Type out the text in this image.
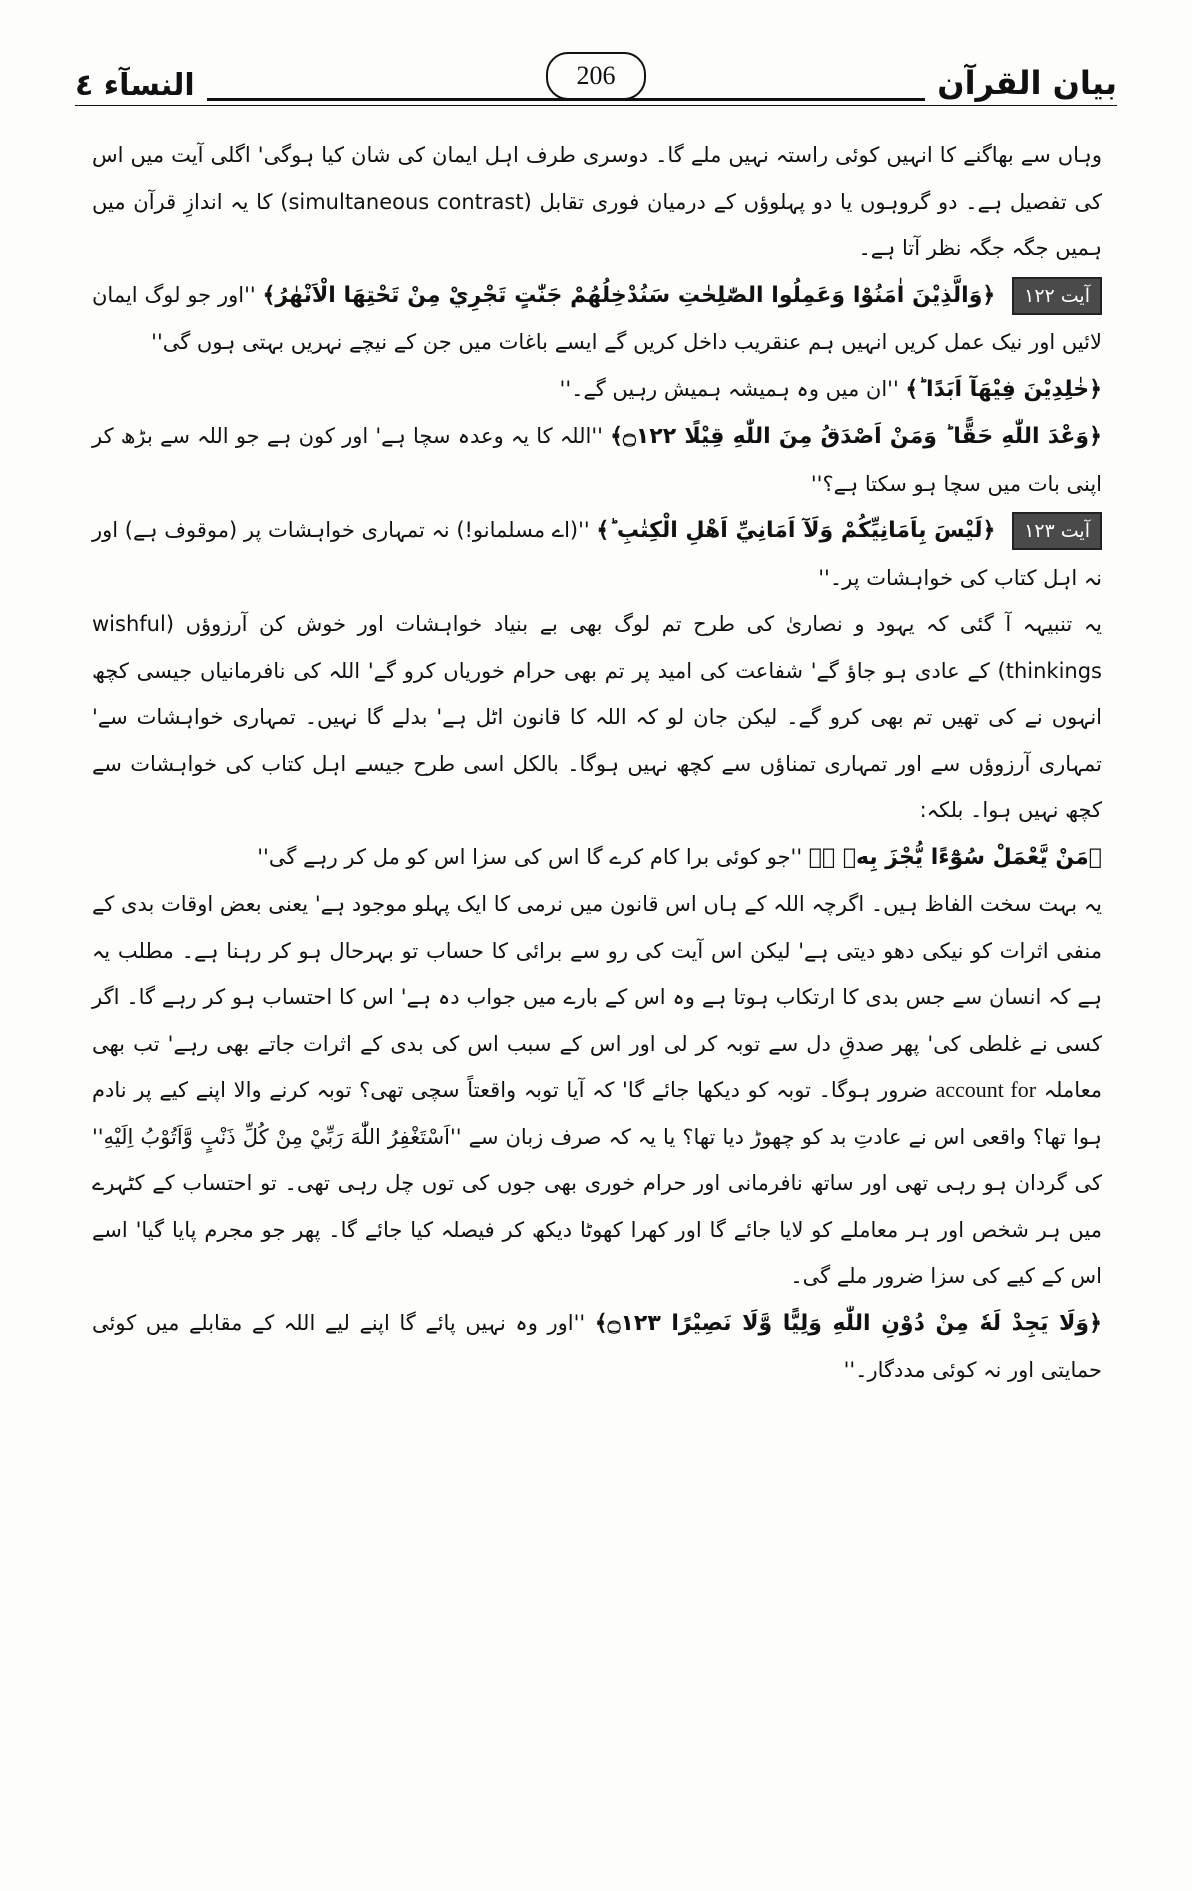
النسآء ٤	206	بیان القرآن

وہاں سے بھاگنے کا انہیں کوئی راستہ نہیں ملے گا۔ دوسری طرف اہل ایمان کی شان کیا ہوگی' اگلی آیت میں اس کی تفصیل ہے۔ دو گروہوں یا دو پہلوؤں کے درمیان فوری تقابل (simultaneous contrast) کا یہ اندازِ قرآن میں ہمیں جگہ جگہ نظر آتا ہے۔

آیت ۱۲۲ ﴿وَالَّذِيْنَ اٰمَنُوْا وَعَمِلُوا الصّٰلِحٰتِ سَنُدْخِلُهُمْ جَنّٰتٍ تَجْرِيْ مِنْ تَحْتِهَا الْاَنْهٰرُ﴾ ''اور جو لوگ ایمان لائیں اور نیک عمل کریں انہیں ہم عنقریب داخل کریں گے ایسے باغات میں جن کے نیچے نہریں بہتی ہوں گی''

﴿خٰلِدِيْنَ فِيْهَآ اَبَدًا ؕ﴾ ''ان میں وہ ہمیشہ ہمیش رہیں گے۔''

﴿وَعْدَ اللّٰهِ حَقًّا ؕ وَمَنْ اَصْدَقُ مِنَ اللّٰهِ قِيْلًا ۝۱۲۲﴾ ''اللہ کا یہ وعدہ سچا ہے' اور کون ہے جو اللہ سے بڑھ کر اپنی بات میں سچا ہو سکتا ہے؟''

آیت ۱۲۳ ﴿لَيْسَ بِاَمَانِيِّكُمْ وَلَآ اَمَانِيِّ اَهْلِ الْكِتٰبِ ؕ﴾ ''(اے مسلمانو!) نہ تمہاری خواہشات پر (موقوف ہے) اور نہ اہل کتاب کی خواہشات پر۔''

یہ تنبیہہ آ گئی کہ یہود و نصاریٰ کی طرح تم لوگ بھی بے بنیاد خواہشات اور خوش کن آرزوؤں (wishful thinkings) کے عادی ہو جاؤ گے' شفاعت کی امید پر تم بھی حرام خوریاں کرو گے' اللہ کی نافرمانیاں جیسی کچھ انہوں نے کی تھیں تم بھی کرو گے۔ لیکن جان لو کہ اللہ کا قانون اٹل ہے' بدلے گا نہیں۔ تمہاری خواہشات سے' تمہاری آرزوؤں سے اور تمہاری تمناؤں سے کچھ نہیں ہوگا۔ بالکل اسی طرح جیسے اہل کتاب کی خواہشات سے کچھ نہیں ہوا۔ بلکہ:

﴿مَنْ يَّعْمَلْ سُوْٓءًا يُّجْزَ بِهٖ ۙ﴾ ''جو کوئی برا کام کرے گا اس کی سزا اس کو مل کر رہے گی''

یہ بہت سخت الفاظ ہیں۔ اگرچہ اللہ کے ہاں اس قانون میں نرمی کا ایک پہلو موجود ہے' یعنی بعض اوقات بدی کے منفی اثرات کو نیکی دھو دیتی ہے' لیکن اس آیت کی رو سے برائی کا حساب تو بہرحال ہو کر رہنا ہے۔ مطلب یہ ہے کہ انسان سے جس بدی کا ارتکاب ہوتا ہے وہ اس کے بارے میں جواب دہ ہے' اس کا احتساب ہو کر رہے گا۔ اگر کسی نے غلطی کی' پھر صدقِ دل سے توبہ کر لی اور اس کے سبب اس کی بدی کے اثرات جاتے بھی رہے' تب بھی معاملہ account for ضرور ہوگا۔ توبہ کو دیکھا جائے گا' کہ آیا توبہ واقعتاً سچی تھی؟ توبہ کرنے والا اپنے کیے پر نادم ہوا تھا؟ واقعی اس نے عادتِ بد کو چھوڑ دیا تھا؟ یا یہ کہ صرف زبان سے ''اَسْتَغْفِرُ اللّٰهَ رَبِّيْ مِنْ كُلِّ ذَنْبٍ وَّاَتُوْبُ اِلَيْهِ'' کی گردان ہو رہی تھی اور ساتھ نافرمانی اور حرام خوری بھی جوں کی توں چل رہی تھی۔ تو احتساب کے کٹہرے میں ہر شخص اور ہر معاملے کو لایا جائے گا اور کھرا کھوٹا دیکھ کر فیصلہ کیا جائے گا۔ پھر جو مجرم پایا گیا' اسے اس کے کیے کی سزا ضرور ملے گی۔

﴿وَلَا يَجِدْ لَهٗ مِنْ دُوْنِ اللّٰهِ وَلِيًّا وَّلَا نَصِيْرًا ۝۱۲۳﴾ ''اور وہ نہیں پائے گا اپنے لیے اللہ کے مقابلے میں کوئی حمایتی اور نہ کوئی مددگار۔''
